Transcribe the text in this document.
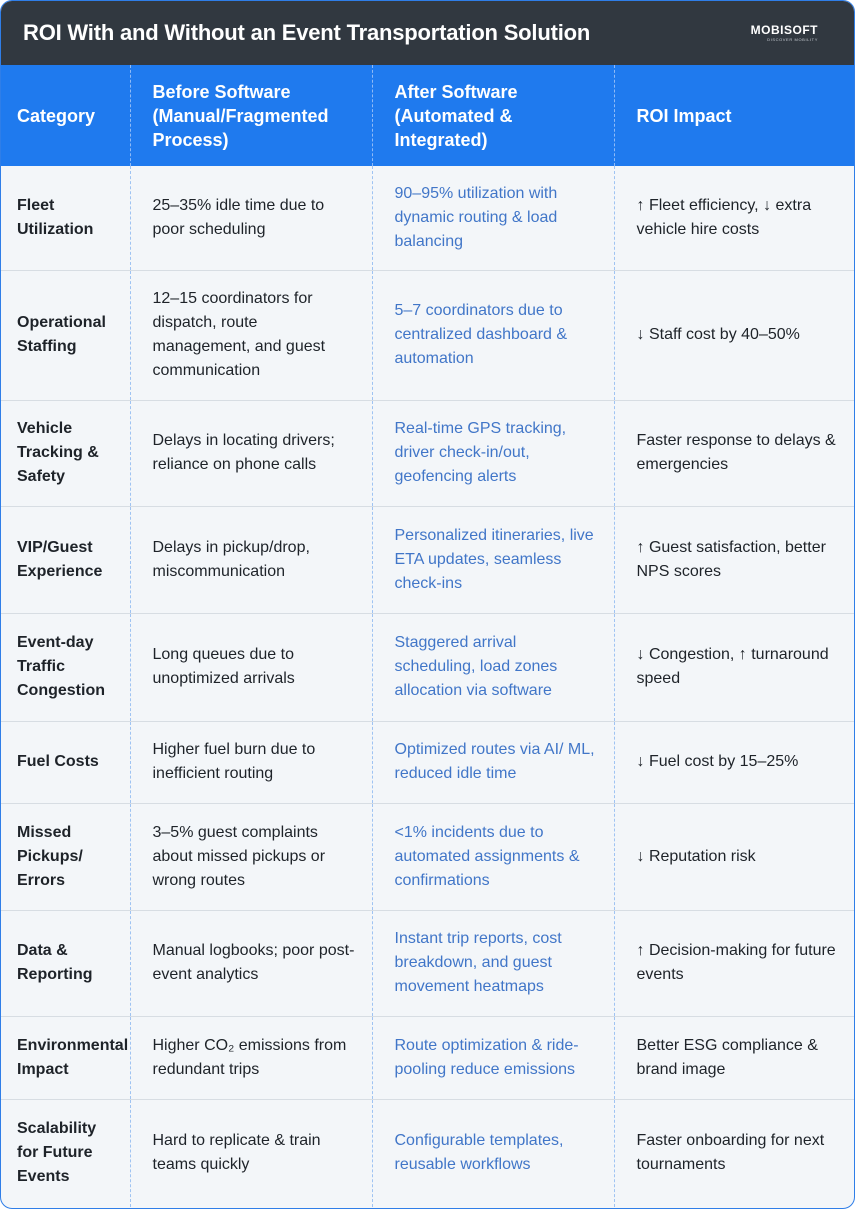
ROI With and Without an Event Transportation Solution	MOBISOFT
DISCOVER MOBILITY
Category	Before Software (Manual/Fragmented Process)	After Software (Automated & Integrated)	ROI Impact
Fleet Utilization	25–35% idle time due to poor scheduling	90–95% utilization with dynamic routing & load balancing	↑ Fleet efficiency, ↓ extra vehicle hire costs
Operational Staffing	12–15 coordinators for dispatch, route management, and guest communication	5–7 coordinators due to centralized dashboard & automation	↓ Staff cost by 40–50%
Vehicle Tracking & Safety	Delays in locating drivers; reliance on phone calls	Real-time GPS tracking, driver check-in/out, geofencing alerts	Faster response to delays & emergencies
VIP/Guest Experience	Delays in pickup/drop, miscommunication	Personalized itineraries, live ETA updates, seamless check-ins	↑ Guest satisfaction, better NPS scores
Event-day Traffic Congestion	Long queues due to unoptimized arrivals	Staggered arrival scheduling, load zones allocation via software	↓ Congestion, ↑ turnaround speed
Fuel Costs	Higher fuel burn due to inefficient routing	Optimized routes via AI/ ML, reduced idle time	↓ Fuel cost by 15–25%
Missed Pickups/ Errors	3–5% guest complaints about missed pickups or wrong routes	<1% incidents due to automated assignments & confirmations	↓ Reputation risk
Data & Reporting	Manual logbooks; poor post-event analytics	Instant trip reports, cost breakdown, and guest movement heatmaps	↑ Decision-making for future events
Environmental Impact	Higher CO₂ emissions from redundant trips	Route optimization & ride-pooling reduce emissions	Better ESG compliance & brand image
Scalability for Future Events	Hard to replicate & train teams quickly	Configurable templates, reusable workflows	Faster onboarding for next tournaments
